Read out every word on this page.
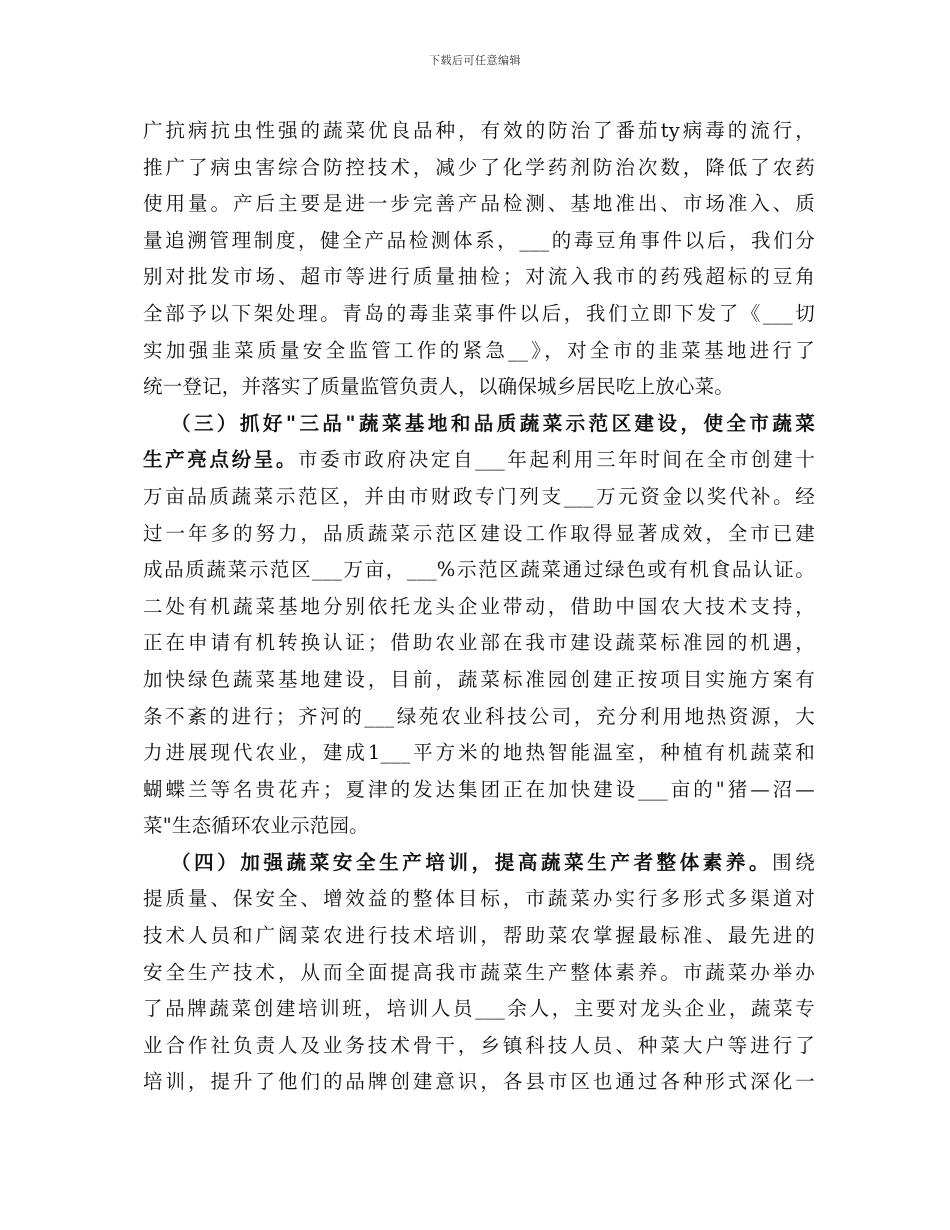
下载后可任意编辑
广抗病抗虫性强的蔬菜优良品种，有效的防治了番茄ty病毒的流行，
推广了病虫害综合防控技术，减少了化学药剂防治次数，降低了农药
使用量。产后主要是进一步完善产品检测、基地准出、市场准入、质
量追溯管理制度，健全产品检测体系，___的毒豆角事件以后，我们分
别对批发市场、超市等进行质量抽检；对流入我市的药残超标的豆角
全部予以下架处理。青岛的毒韭菜事件以后，我们立即下发了《___切
实加强韭菜质量安全监管工作的紧急__》，对全市的韭菜基地进行了
统一登记，并落实了质量监管负责人，以确保城乡居民吃上放心菜。
（三）抓好"三品"蔬菜基地和品质蔬菜示范区建设，使全市蔬菜
生产亮点纷呈。市委市政府决定自___年起利用三年时间在全市创建十
万亩品质蔬菜示范区，并由市财政专门列支___万元资金以奖代补。经
过一年多的努力，品质蔬菜示范区建设工作取得显著成效，全市已建
成品质蔬菜示范区___万亩，___%示范区蔬菜通过绿色或有机食品认证。
二处有机蔬菜基地分别依托龙头企业带动，借助中国农大技术支持，
正在申请有机转换认证；借助农业部在我市建设蔬菜标准园的机遇，
加快绿色蔬菜基地建设，目前，蔬菜标准园创建正按项目实施方案有
条不紊的进行；齐河的___绿苑农业科技公司，充分利用地热资源，大
力进展现代农业，建成1___平方米的地热智能温室，种植有机蔬菜和
蝴蝶兰等名贵花卉；夏津的发达集团正在加快建设___亩的"猪—沼—
菜"生态循环农业示范园。
（四）加强蔬菜安全生产培训，提高蔬菜生产者整体素养。围绕
提质量、保安全、增效益的整体目标，市蔬菜办实行多形式多渠道对
技术人员和广阔菜农进行技术培训，帮助菜农掌握最标准、最先进的
安全生产技术，从而全面提高我市蔬菜生产整体素养。市蔬菜办举办
了品牌蔬菜创建培训班，培训人员___余人，主要对龙头企业，蔬菜专
业合作社负责人及业务技术骨干，乡镇科技人员、种菜大户等进行了
培训，提升了他们的品牌创建意识，各县市区也通过各种形式深化一
